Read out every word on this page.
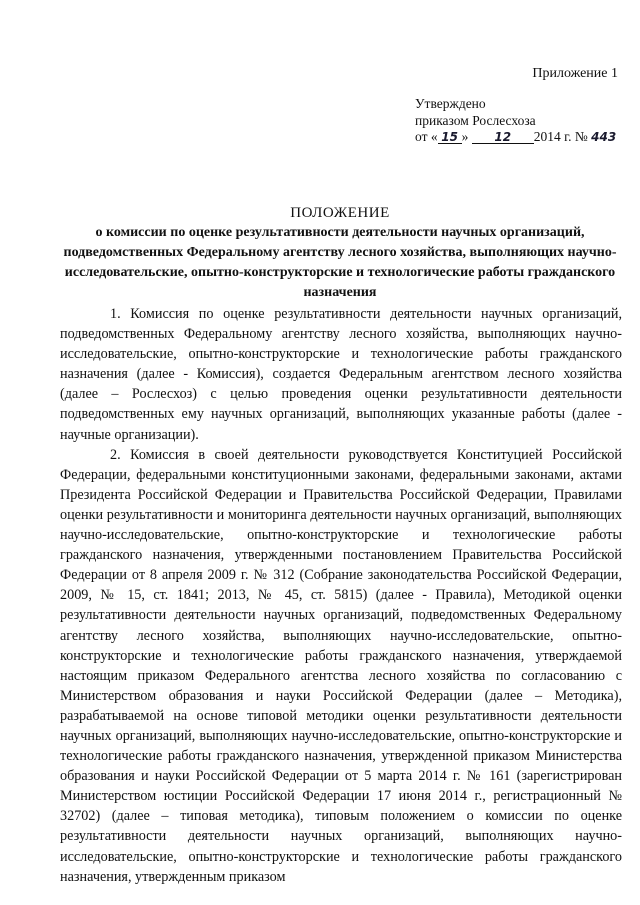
Приложение 1
Утверждено
приказом Рослесхоза
от « 15 » 12 2014 г. № 443
ПОЛОЖЕНИЕ
о комиссии по оценке результативности деятельности научных организаций, подведомственных Федеральному агентству лесного хозяйства, выполняющих научно-исследовательские, опытно-конструкторские и технологические работы гражданского назначения

1. Комиссия по оценке результативности деятельности научных организаций, подведомственных Федеральному агентству лесного хозяйства, выполняющих научно-исследовательские, опытно-конструкторские и технологические работы гражданского назначения (далее - Комиссия), создается Федеральным агентством лесного хозяйства (далее – Рослесхоз) с целью проведения оценки результативности деятельности подведомственных ему научных организаций, выполняющих указанные работы (далее - научные организации).

2. Комиссия в своей деятельности руководствуется Конституцией Российской Федерации, федеральными конституционными законами, федеральными законами, актами Президента Российской Федерации и Правительства Российской Федерации, Правилами оценки результативности и мониторинга деятельности научных организаций, выполняющих научно-исследовательские, опытно-конструкторские и технологические работы гражданского назначения, утвержденными постановлением Правительства Российской Федерации от 8 апреля 2009 г. № 312 (Собрание законодательства Российской Федерации, 2009, № 15, ст. 1841; 2013, № 45, ст. 5815) (далее - Правила), Методикой оценки результативности деятельности научных организаций, подведомственных Федеральному агентству лесного хозяйства, выполняющих научно-исследовательские, опытно-конструкторские и технологические работы гражданского назначения, утверждаемой настоящим приказом Федерального агентства лесного хозяйства по согласованию с Министерством образования и науки Российской Федерации (далее – Методика), разрабатываемой на основе типовой методики оценки результативности деятельности научных организаций, выполняющих научно-исследовательские, опытно-конструкторские и технологические работы гражданского назначения, утвержденной приказом Министерства образования и науки Российской Федерации от 5 марта 2014 г. № 161 (зарегистрирован Министерством юстиции Российской Федерации 17 июня 2014 г., регистрационный № 32702) (далее – типовая методика), типовым положением о комиссии по оценке результативности деятельности научных организаций, выполняющих научно-исследовательские, опытно-конструкторские и технологические работы гражданского назначения, утвержденным приказом
